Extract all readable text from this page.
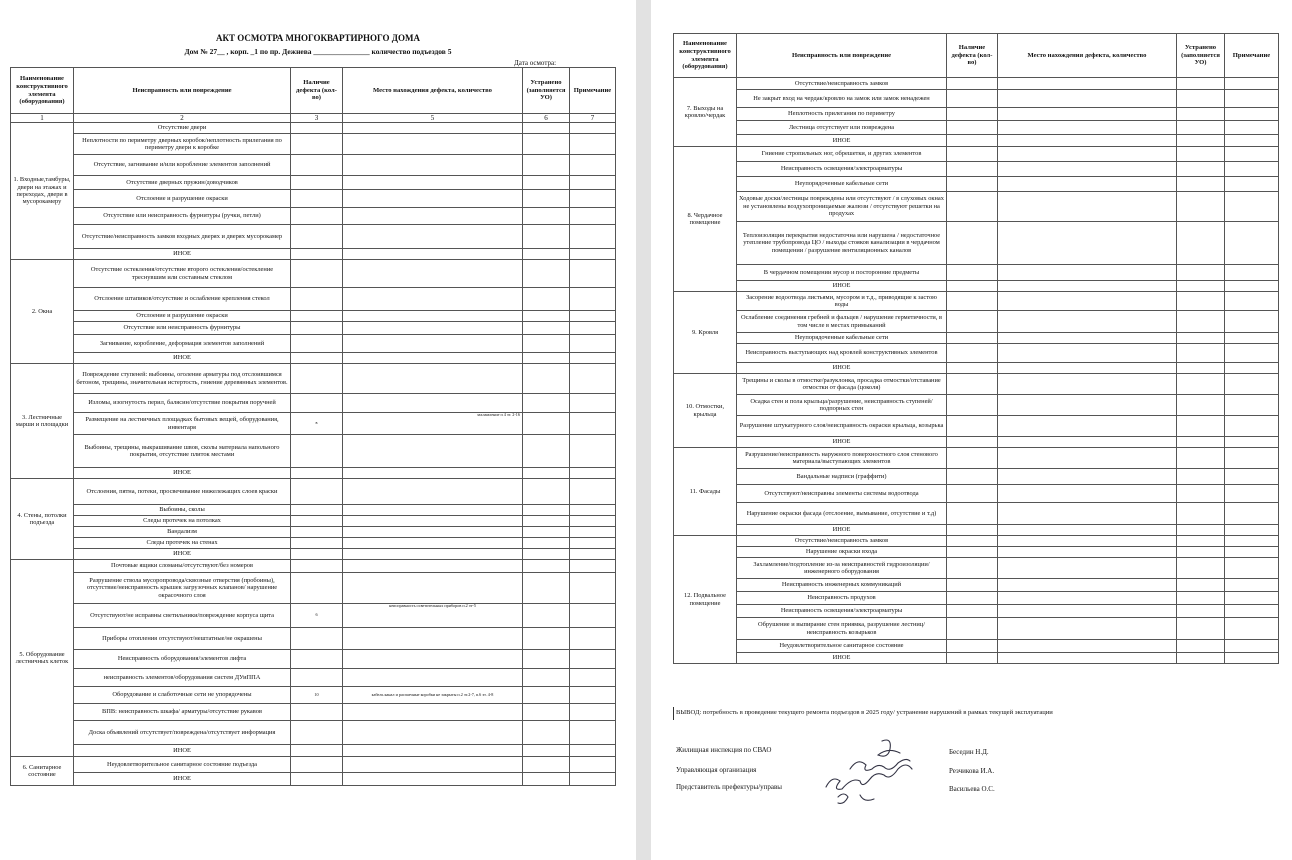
АКТ ОСМОТРА МНОГОКВАРТИРНОГО ДОМА
Дом № 27__ , корп. _1 по пр. Дежнева _______________ количество подъездов 5
Дата осмотра:
Наименование конструктивного элемента (оборудования)	Неисправность или повреждение	Наличие дефекта (кол-во)	Место нахождения дефекта, количество	Устранено (заполняется УО)	Примечание
1	2	3	5	6	7
1. Входные,тамбуры, двери на этажах и переходах, двери в мусорокамеру	Отсутствие двери				
	Неплотности по периметру дверных коробок/неплотность прилегания по периметру двери к коробке				
	Отсутствие, загнивание и/или коробление элементов заполнений				
	Отсутствие дверных пружин/доводчиков				
	Отслоение и разрушение окраски				
	Отсутствие или неисправность фурнитуры (ручки, петли)				
	Отсутствие/неисправность замков входных дверях и дверях мусорокамер				
	ИНОЕ				
2. Окна	Отсутствие остекления/отсутствие второго остекления/остекление треснувшим или составным стеклом				
	Отслоение штапиков/отсутствие и ослабление крепления стекол				
	Отслоение и разрушение окраски				
	Отсутствие или неисправность фурнитуры				
	Загнивание, коробление, деформация элементов заполнений				
	ИНОЕ				
3. Лестничные марши и площадки	Повреждение ступеней: выбоины, оголение арматуры под отслоившимся бетоном, трещины, значительная истертость, гниение деревянных элементов.				
	Изломы, изогнутость перил, балясин/отсутствие покрытия поручней				
	Размещение на лестничных площадках бытовых вещей, оборудования, инвентаря	в	захламление п 4 эт. 2-16		
	Выбоины, трещины, выкрашивание швов, сколы материала напольного покрытия, отсутствие плиток местами				
	ИНОЕ				
4. Стены, потолки подъезда	Отслоения, пятна, потеки, просвечивание нижележащих слоев краски				
	Выбоины, сколы				
	Следы протечек на потолках				
	Вандализм				
	Следы протечек на стенах				
	ИНОЕ				
5. Оборудование лестничных клеток	Почтовые ящики сломаны/отсутствуют/без номеров				
	Разрушение ствола мусоропровода/сквозные отверстия (пробоины), отсутствие/неисправность крышек загрузочных клапанов/ нарушение окрасочного слоя				
	Отсутствуют/не исправны светильники/повреждение корпуса щита	6	неисправность осветительных приборов п.2 эт-5		
	Приборы отопления отсутствуют/нештатные/не окрашены				
	Неисправность оборудования/элементов лифта				
	неисправность элементов/оборудования систем ДУиППА				
	Оборудование и слаботочные сети не упорядочены	10	кабель канал и распаечные коробки не закрыты п.2 эт.2-7, п.6 эт. 4-8		
	ВПВ: неисправность шкафа/ арматуры/отсутствие рукавов				
	Доска объявлений отсутствует/повреждена/отсутствует информация				
	ИНОЕ				
6. Санитарное состояние	Неудовлетворительное санитарное состояние подъезда				
	ИНОЕ				
Наименование конструктивного элемента (оборудования)	Неисправность или повреждение	Наличие дефекта (кол-во)	Место нахождения дефекта, количество	Устранено (заполняется УО)	Примечание
7. Выходы на кровлю/чердак	Отсутствие/неисправность замков				
	Не закрыт вход на чердак/кровлю на замок или замок ненадежен				
	Неплотность прилегания по периметру				
	Лестница отсутствует или повреждена				
	ИНОЕ				
8. Чердачное помещение	Гниение стропильных ног, обрешетки, и других элементов				
	Неисправность освещения/электроарматуры				
	Неупорядоченные кабельные сети				
	Ходовые доски/лестницы повреждены или отсутствуют / в слуховых окнах не установлены воздухопроницаемые жалюзи / отсутствуют решетки на продухах				
	Теплоизоляция перекрытия недостаточна или нарушена / недостаточное утепление трубопровода ЦО / выходы стояков канализации в чердачном помещении / разрушение вентиляционных каналов				
	В чердачном помещении мусор и посторонние предметы				
	ИНОЕ				
9. Кровля	Засорение водоотвода листьями, мусором и т.д., приводящие к застою воды				
	Ослабление соединения гребней и фальцев / нарушение герметичности, в том числе в местах примыканий				
	Неупорядоченные кабельные сети				
	Неисправность выступающих над кровлей конструктивных элементов				
	ИНОЕ				
10. Отмостки, крыльца	Трещины и сколы в отмостке/разуклонка, просадка отмостки/отставание отмостки от фасада (цоколя)				
	Осадка стен и пола крыльца/разрушение, неисправность ступеней/подпорных стен				
	Разрушение штукатурного слоя/неисправность окраски крыльца, козырька				
	ИНОЕ				
11. Фасады	Разрушение/неисправность наружного поверхностного слоя стенового материала/выступающих элементов				
	Вандальные надписи (граффити)				
	Отсутствуют/неисправны элементы системы водоотвода				
	Нарушение окраски фасада (отслоение, вымывание, отсутствие и т.д)				
	ИНОЕ				
12. Подвальное помещение	Отсутствие/неисправность замков				
	Нарушение окраски входа				
	Захламление/подтопление из-за неисправностей гидроизоляции/инженерного оборудования				
	Неисправность инженерных коммуникаций				
	Неисправность продухов				
	Неисправность освещения/электроарматуры				
	Обрушение и выпирание стен приямка, разрушение лестниц/неисправность козырьков				
	Неудовлетворительное санитарное состояние				
	ИНОЕ				
ВЫВОД: потребность в проведение текущего ремонта подъездов в 2025 году/ устранение нарушений в рамках текущей эксплуатации
Жилищная инспекция по СВАО	Беседин Н.Д.
Управляющая организация	Резчикова И.А.
Представитель префектуры/управы	Васильева О.С.
